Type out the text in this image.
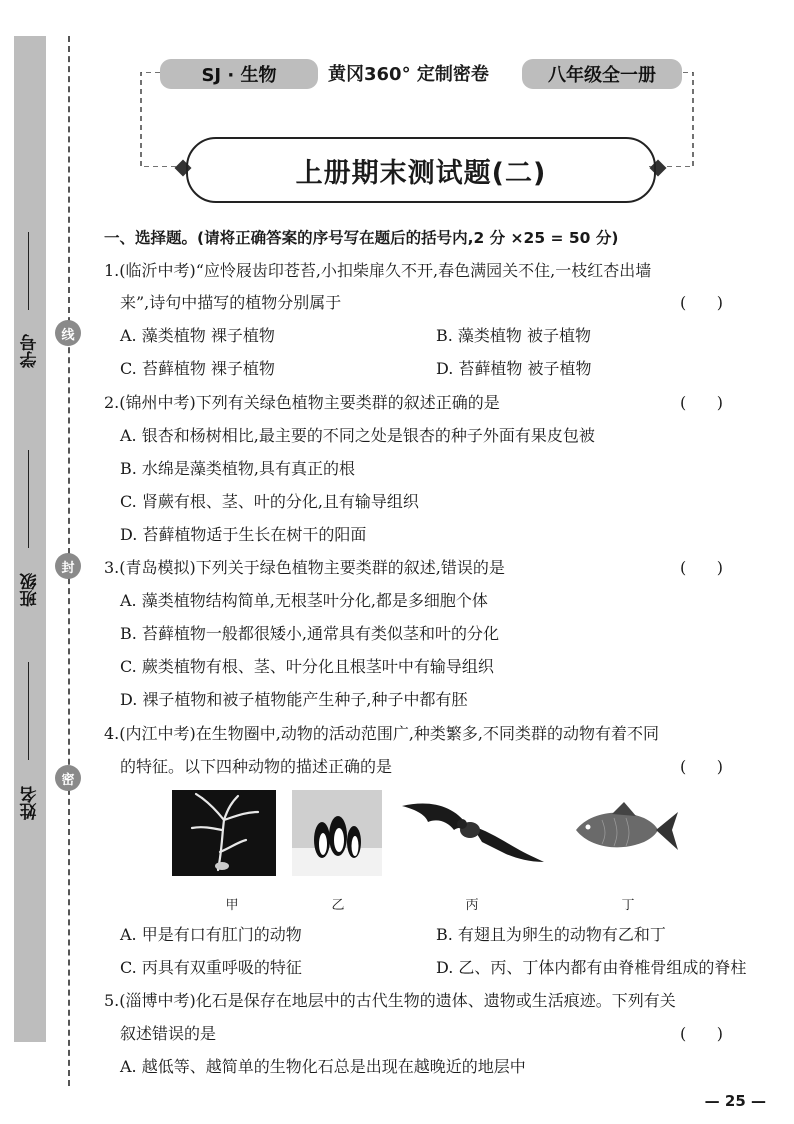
学号
班级
姓名
线
封
密
SJ · 生物	黄冈360° 定制密卷	八年级全一册
上册期末测试题(二)
一、选择题。(请将正确答案的序号写在题后的括号内,2 分 ×25 = 50 分)
1.(临沂中考)“应怜屐齿印苍苔,小扣柴扉久不开,春色满园关不住,一枝红杏出墙
来”,诗句中描写的植物分别属于	(      )
A. 藻类植物 裸子植物	B. 藻类植物 被子植物
C. 苔藓植物 裸子植物	D. 苔藓植物 被子植物
2.(锦州中考)下列有关绿色植物主要类群的叙述正确的是	(      )
A. 银杏和杨树相比,最主要的不同之处是银杏的种子外面有果皮包被
B. 水绵是藻类植物,具有真正的根
C. 肾蕨有根、茎、叶的分化,且有输导组织
D. 苔藓植物适于生长在树干的阳面
3.(青岛模拟)下列关于绿色植物主要类群的叙述,错误的是	(      )
A. 藻类植物结构简单,无根茎叶分化,都是多细胞个体
B. 苔藓植物一般都很矮小,通常具有类似茎和叶的分化
C. 蕨类植物有根、茎、叶分化且根茎叶中有输导组织
D. 裸子植物和被子植物能产生种子,种子中都有胚
4.(内江中考)在生物圈中,动物的活动范围广,种类繁多,不同类群的动物有着不同
的特征。以下四种动物的描述正确的是	(      )
甲	乙	丙	丁
A. 甲是有口有肛门的动物	B. 有翅且为卵生的动物有乙和丁
C. 丙具有双重呼吸的特征	D. 乙、丙、丁体内都有由脊椎骨组成的脊柱
5.(淄博中考)化石是保存在地层中的古代生物的遗体、遗物或生活痕迹。下列有关
叙述错误的是	(      )
A. 越低等、越简单的生物化石总是出现在越晚近的地层中
— 25 —
